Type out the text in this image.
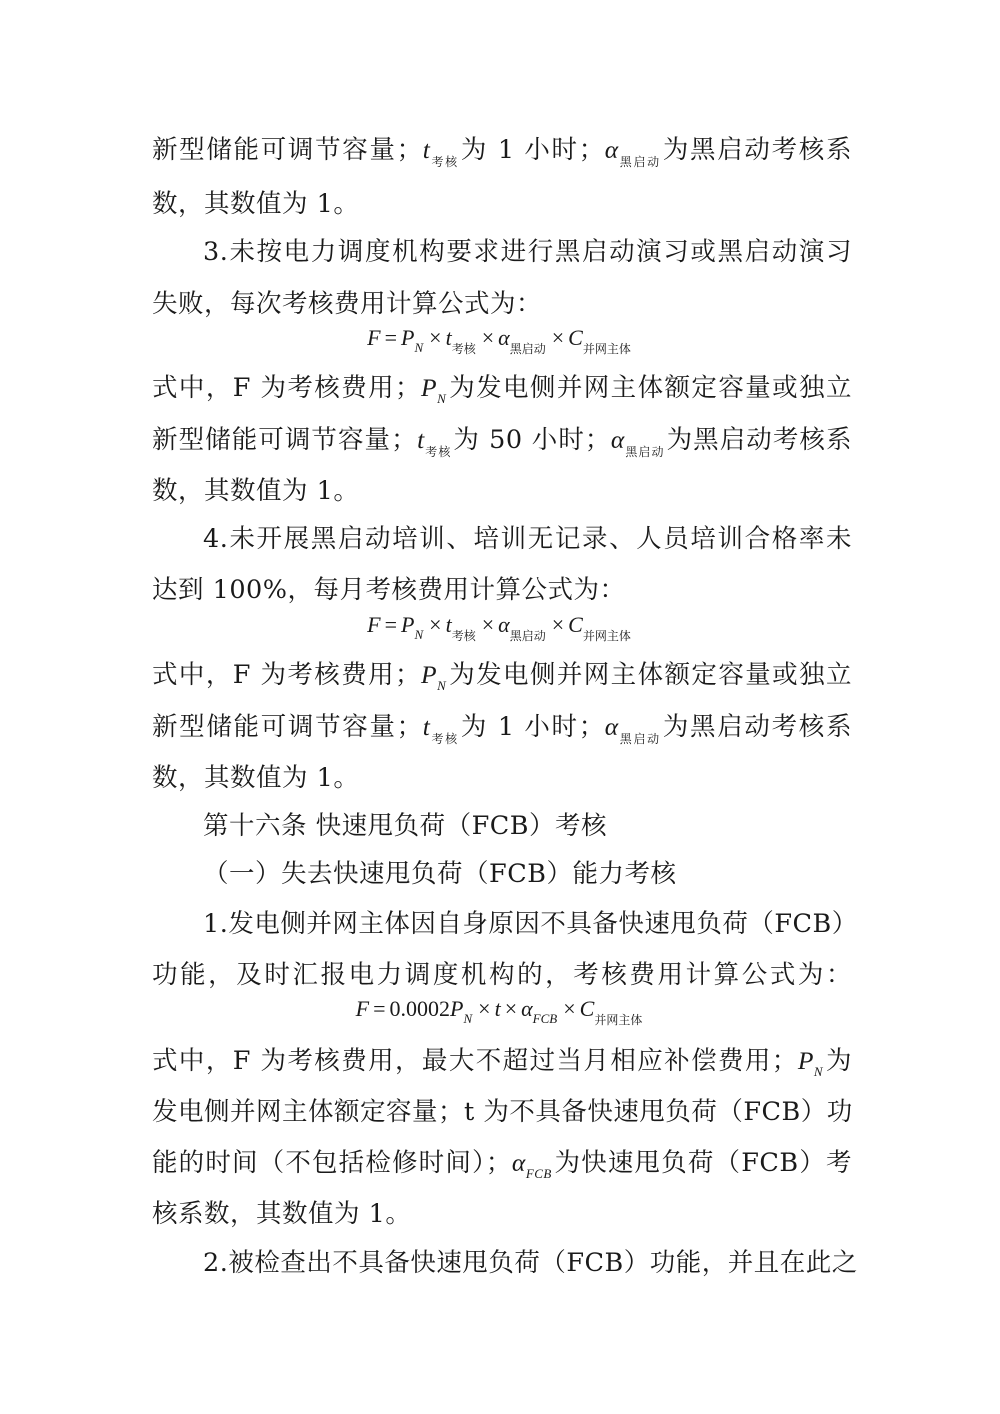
新型储能可调节容量；$t_{考核}$为 1 小时；$\alpha_{黑启动}$为黑启动考核系
数，其数值为 1。
3.未按电力调度机构要求进行黑启动演习或黑启动演习
失败，每次考核费用计算公式为：
$F = P_N \times t_{考核} \times \alpha_{黑启动} \times C_{并网主体}$
式中，F 为考核费用；$P_N$为发电侧并网主体额定容量或独立
新型储能可调节容量；$t_{考核}$为 50 小时；$\alpha_{黑启动}$为黑启动考核系
数，其数值为 1。
4.未开展黑启动培训、培训无记录、人员培训合格率未
达到 100%，每月考核费用计算公式为：
$F = P_N \times t_{考核} \times \alpha_{黑启动} \times C_{并网主体}$
式中，F 为考核费用；$P_N$为发电侧并网主体额定容量或独立
新型储能可调节容量；$t_{考核}$为 1 小时；$\alpha_{黑启动}$为黑启动考核系
数，其数值为 1。
第十六条 快速甩负荷（FCB）考核
（一）失去快速甩负荷（FCB）能力考核
1.发电侧并网主体因自身原因不具备快速甩负荷（FCB）
功能，及时汇报电力调度机构的，考核费用计算公式为：
$F = 0.0002P_N \times t \times \alpha_{FCB} \times C_{并网主体}$
式中，F 为考核费用，最大不超过当月相应补偿费用；$P_N$为
发电侧并网主体额定容量；t 为不具备快速甩负荷（FCB）功
能的时间（不包括检修时间）；$\alpha_{FCB}$为快速甩负荷（FCB）考
核系数，其数值为 1。
2.被检查出不具备快速甩负荷（FCB）功能，并且在此之
